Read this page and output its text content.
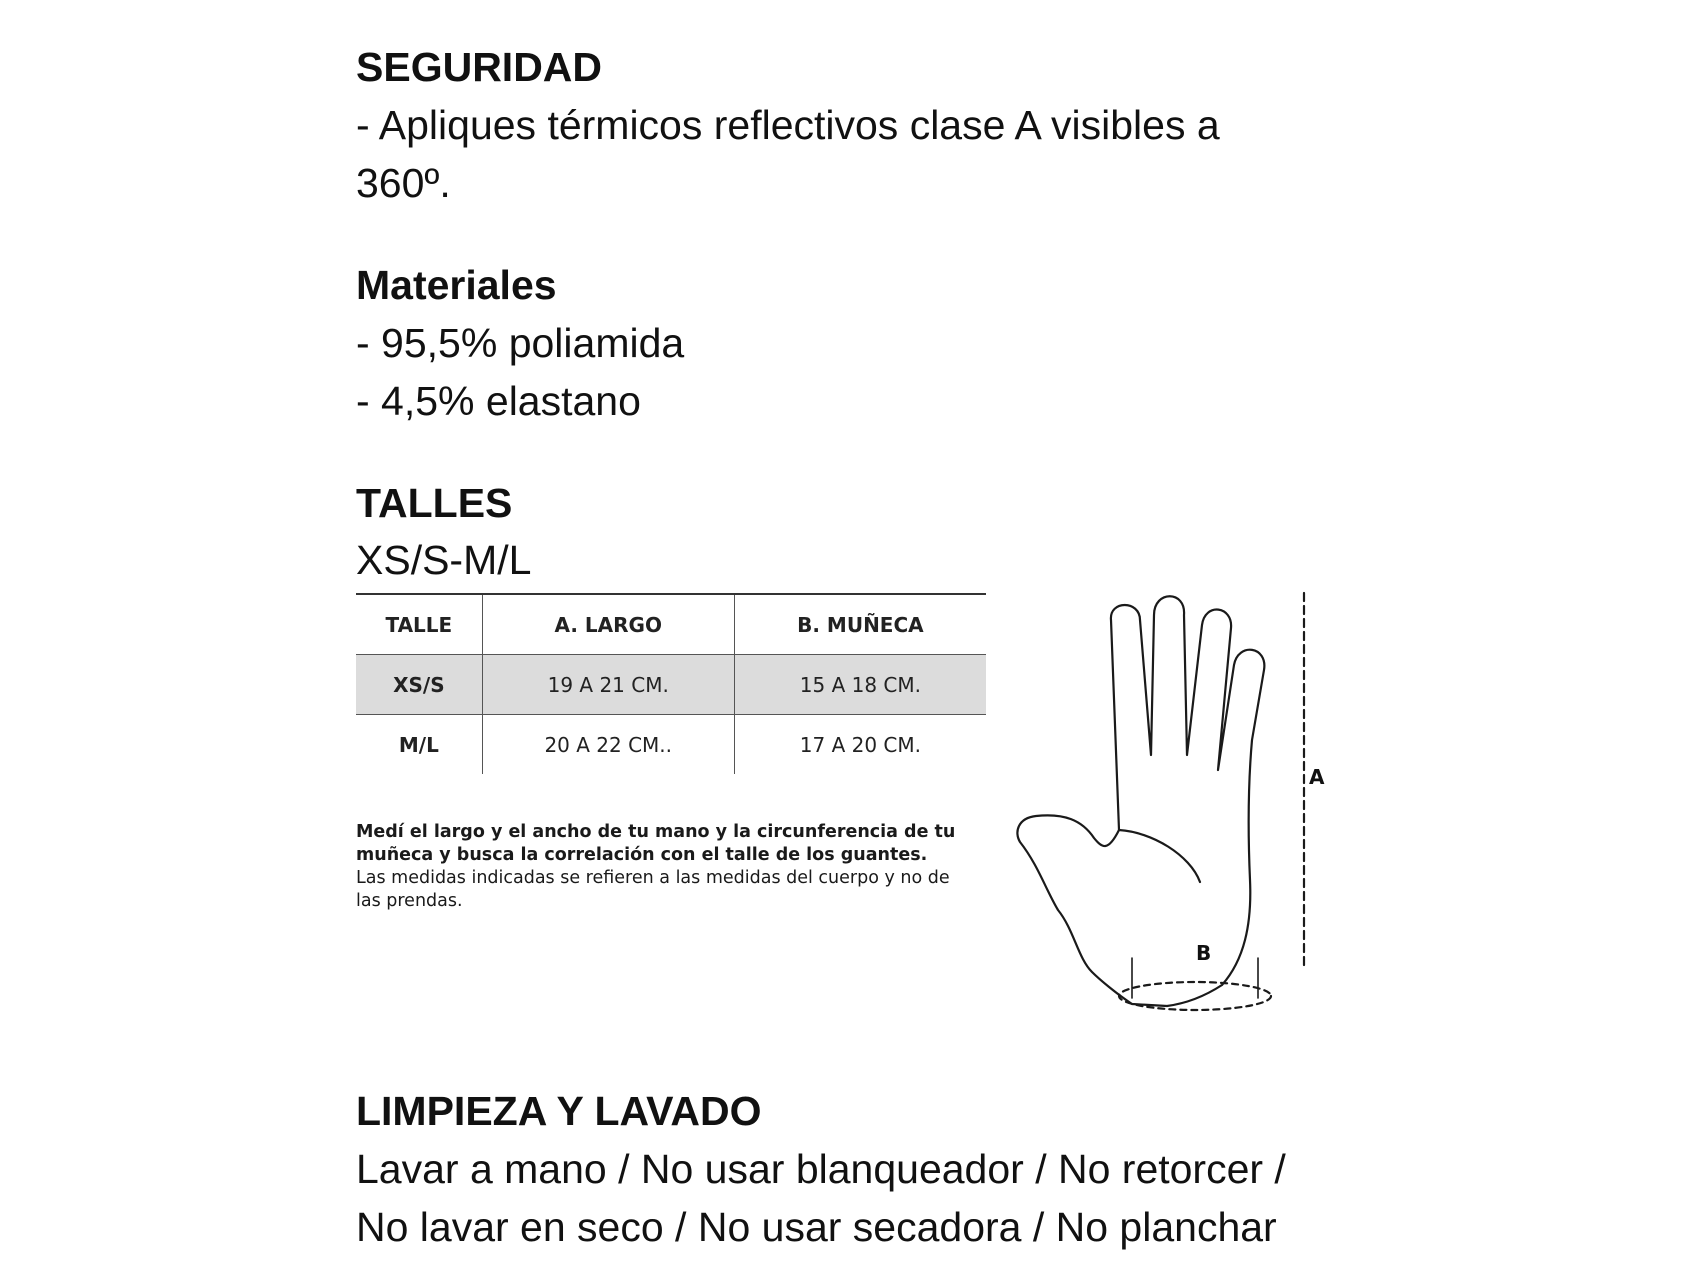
SEGURIDAD

- Apliques térmicos reflectivos clase A visibles a

360º.

Materiales

- 95,5% poliamida

- 4,5% elastano

TALLES

XS/S-M/L

TALLE	A. LARGO	B. MUÑECA
XS/S	19 A 21 CM.	15 A 18 CM.
M/L	20 A 22 CM..	17 A 20 CM.
Medí el largo y el ancho de tu mano y la circunferencia de tu muñeca y busca la correlación con el talle de los guantes.
Las medidas indicadas se refieren a las medidas del cuerpo y no de las prendas.
A
B
LIMPIEZA Y LAVADO

Lavar a mano / No usar blanqueador / No retorcer /

No lavar en seco / No usar secadora / No planchar
